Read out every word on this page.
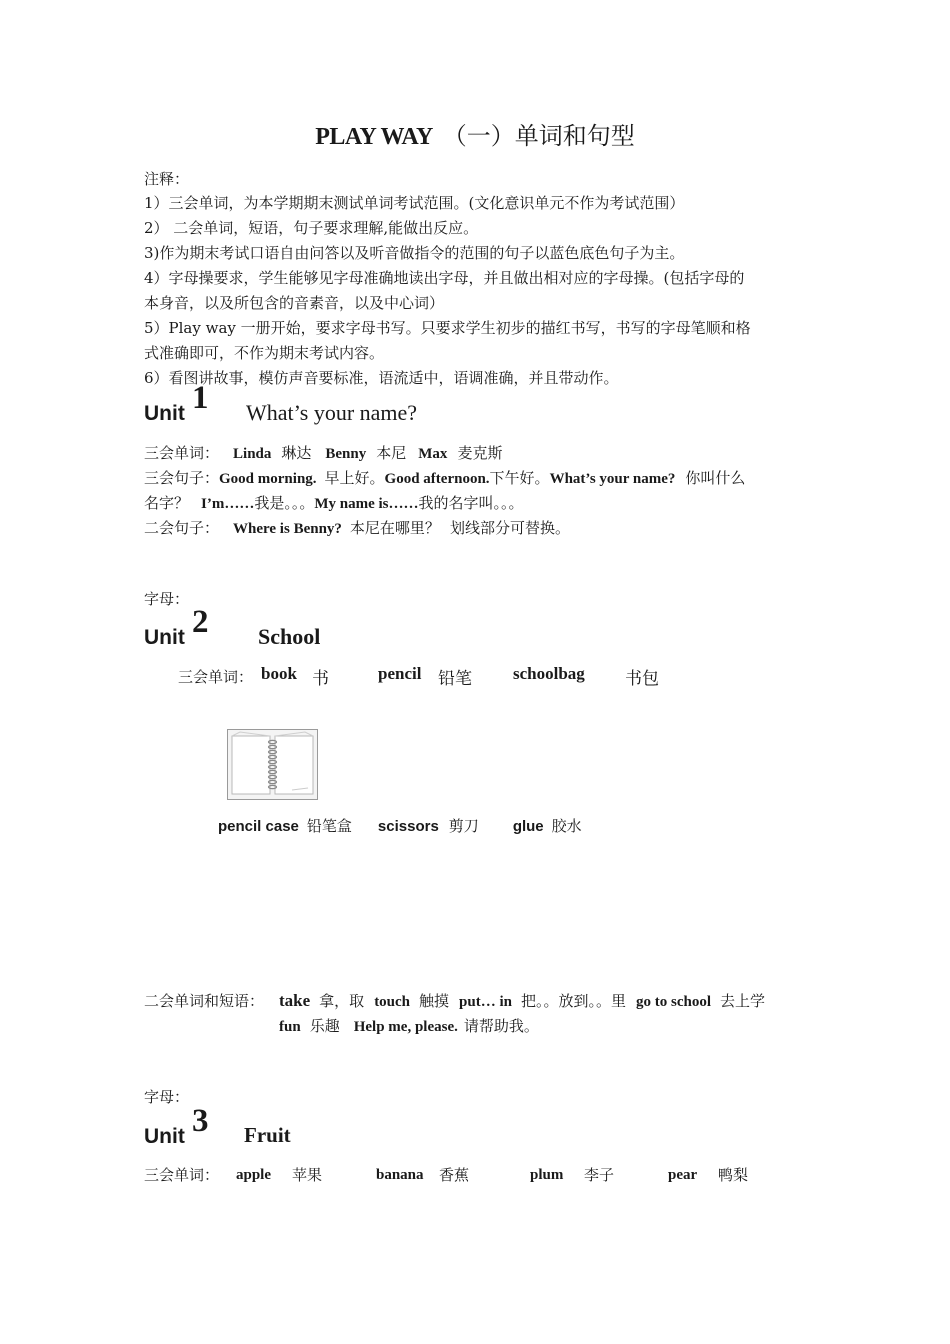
PLAY WAY （一）单词和句型
注释：
1）三会单词，为本学期期末测试单词考试范围。(文化意识单元不作为考试范围）
2） 二会单词，短语，句子要求理解,能做出反应。
3)作为期末考试口语自由问答以及听音做指令的范围的句子以蓝色底色句子为主。
4）字母操要求，学生能够见字母准确地读出字母，并且做出相对应的字母操。(包括字母的
本身音，以及所包含的音素音，以及中心词）
5）Play way 一册开始，要求字母书写。只要求学生初步的描红书写，书写的字母笔顺和格
式准确即可，不作为期末考试内容。
6）看图讲故事，模仿声音要标准，语流适中，语调准确，并且带动作。
Unit 1 What’s your name?
三会单词： Linda 琳达 Benny 本尼 Max 麦克斯
三会句子：Good morning. 早上好。Good afternoon.下午好。What’s your name? 你叫什么
名字？ I’m……我是。。。My name is……我的名字叫。。。
二会句子： Where is Benny? 本尼在哪里？ 划线部分可替换。
字母：
Unit 2 School
三会单词： book 书	pencil 铅笔 schoolbag 书包
pencil case 铅笔盒 scissors 剪刀 glue 胶水
二会单词和短语： take 拿，取 touch 触摸 put… in 把。。放到。。里 go to school 去上学
fun 乐趣 Help me, please. 请帮助我。
字母：
Unit 3 Fruit
三会单词： apple 苹果	banana 香蕉	plum 李子	pear 鸭梨
